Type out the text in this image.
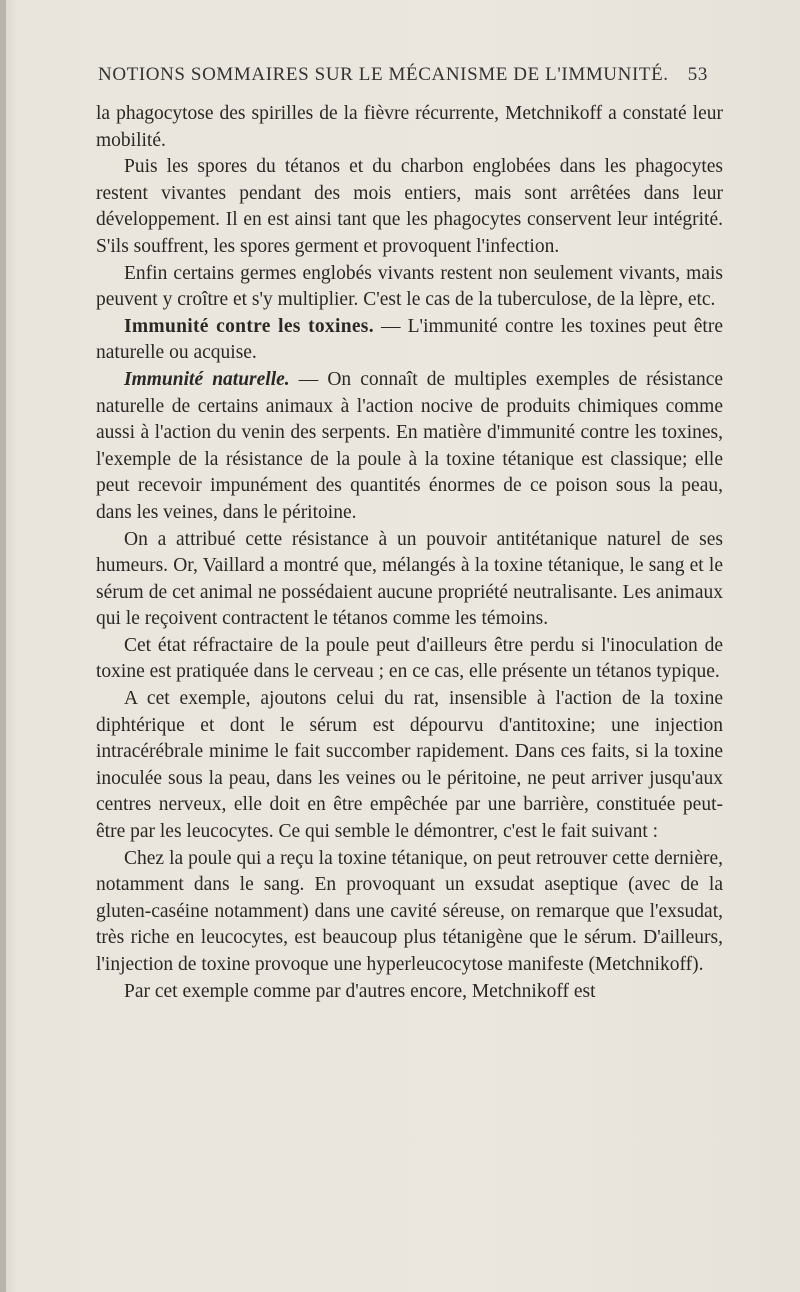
NOTIONS SOMMAIRES SUR LE MÉCANISME DE L'IMMUNITÉ. 53

la phagocytose des spirilles de la fièvre récurrente, Metchnikoff a constaté leur mobilité.

Puis les spores du tétanos et du charbon englobées dans les phagocytes restent vivantes pendant des mois entiers, mais sont arrêtées dans leur développement. Il en est ainsi tant que les phagocytes conservent leur intégrité. S'ils souffrent, les spores germent et provoquent l'infection.

Enfin certains germes englobés vivants restent non seulement vivants, mais peuvent y croître et s'y multiplier. C'est le cas de la tuberculose, de la lèpre, etc.

Immunité contre les toxines. — L'immunité contre les toxines peut être naturelle ou acquise.

Immunité naturelle. — On connaît de multiples exemples de résistance naturelle de certains animaux à l'action nocive de produits chimiques comme aussi à l'action du venin des serpents. En matière d'immunité contre les toxines, l'exemple de la résistance de la poule à la toxine tétanique est classique; elle peut recevoir impunément des quantités énormes de ce poison sous la peau, dans les veines, dans le péritoine.

On a attribué cette résistance à un pouvoir antitétanique naturel de ses humeurs. Or, Vaillard a montré que, mélangés à la toxine tétanique, le sang et le sérum de cet animal ne possédaient aucune propriété neutralisante. Les animaux qui le reçoivent contractent le tétanos comme les témoins.

Cet état réfractaire de la poule peut d'ailleurs être perdu si l'inoculation de toxine est pratiquée dans le cerveau ; en ce cas, elle présente un tétanos typique.

A cet exemple, ajoutons celui du rat, insensible à l'action de la toxine diphtérique et dont le sérum est dépourvu d'antitoxine; une injection intracérébrale minime le fait succomber rapidement. Dans ces faits, si la toxine inoculée sous la peau, dans les veines ou le péritoine, ne peut arriver jusqu'aux centres nerveux, elle doit en être empêchée par une barrière, constituée peut-être par les leucocytes. Ce qui semble le démontrer, c'est le fait suivant :

Chez la poule qui a reçu la toxine tétanique, on peut retrouver cette dernière, notamment dans le sang. En provoquant un exsudat aseptique (avec de la gluten-caséine notamment) dans une cavité séreuse, on remarque que l'exsudat, très riche en leucocytes, est beaucoup plus tétanigène que le sérum. D'ailleurs, l'injection de toxine provoque une hyperleucocytose manifeste (Metchnikoff).

Par cet exemple comme par d'autres encore, Metchnikoff est
